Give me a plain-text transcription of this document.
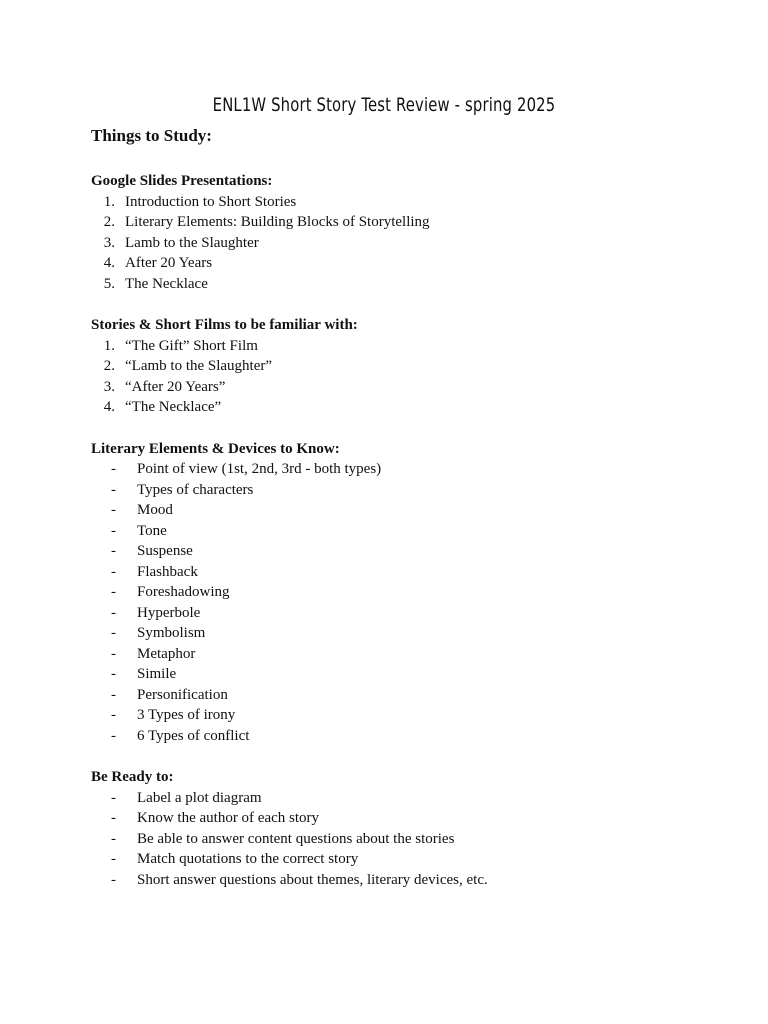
ENL1W Short Story Test Review - spring 2025
Things to Study:
Google Slides Presentations:
1. Introduction to Short Stories
2. Literary Elements: Building Blocks of Storytelling
3. Lamb to the Slaughter
4. After 20 Years
5. The Necklace
Stories & Short Films to be familiar with:
1. “The Gift” Short Film
2. “Lamb to the Slaughter”
3. “After 20 Years”
4. “The Necklace”
Literary Elements & Devices to Know:
-	Point of view (1st, 2nd, 3rd - both types)
-	Types of characters
-	Mood
-	Tone
-	Suspense
-	Flashback
-	Foreshadowing
-	Hyperbole
-	Symbolism
-	Metaphor
-	Simile
-	Personification
-	3 Types of irony
-	6 Types of conflict
Be Ready to:
-	Label a plot diagram
-	Know the author of each story
-	Be able to answer content questions about the stories
-	Match quotations to the correct story
-	Short answer questions about themes, literary devices, etc.
